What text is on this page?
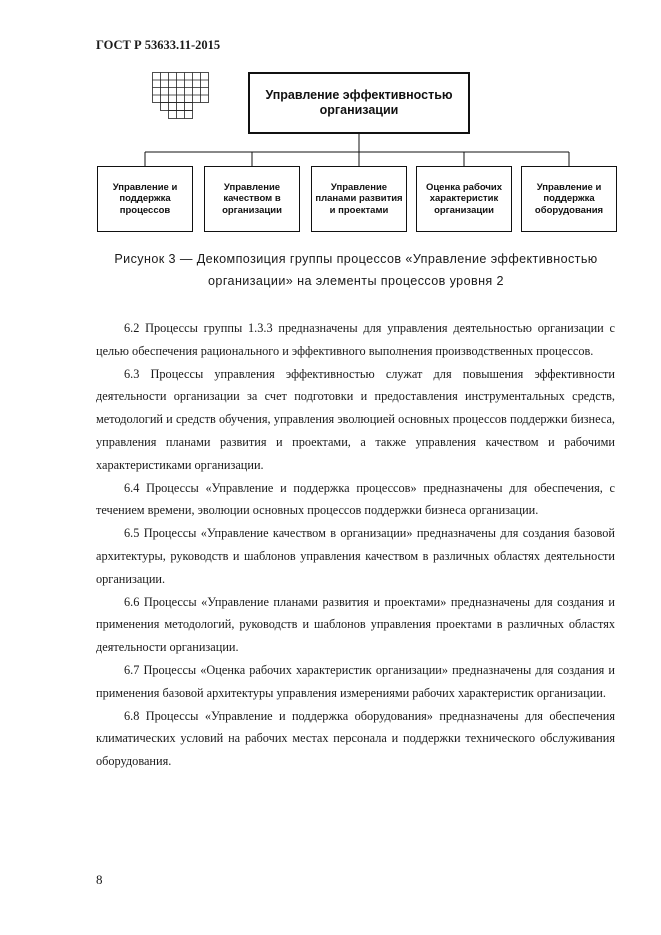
ГОСТ Р 53633.11-2015
Управление эффективностью организации
Управление и поддержка процессов
Управление качеством в организации
Управление планами развития и проектами
Оценка рабочих характеристик организации
Управление и поддержка оборудования
Рисунок 3 — Декомпозиция группы процессов «Управление эффективностью
организации» на элементы процессов уровня 2

6.2 Процессы группы 1.3.3 предназначены для управления деятельностью организации с целью обеспечения рационального и эффективного выполнения производственных процессов.

6.3 Процессы управления эффективностью служат для повышения эффективности деятельности организации за счет подготовки и предоставления инструментальных средств, методологий и средств обучения, управления эволюцией основных процессов поддержки бизнеса, управления планами развития и проектами, а также управления качеством и рабочими характеристиками организации.

6.4 Процессы «Управление и поддержка процессов» предназначены для обеспечения, с течением времени, эволюции основных процессов поддержки бизнеса организации.

6.5 Процессы «Управление качеством в организации» предназначены для создания базовой архитектуры, руководств и шаблонов управления качеством в различных областях деятельности организации.

6.6 Процессы «Управление планами развития и проектами» предназначены для создания и применения методологий, руководств и шаблонов управления проектами в различных областях деятельности организации.

6.7 Процессы «Оценка рабочих характеристик организации» предназначены для создания и применения базовой архитектуры управления измерениями рабочих характеристик организации.

6.8 Процессы «Управление и поддержка оборудования» предназначены для обеспечения климатических условий на рабочих местах персонала и поддержки технического обслуживания оборудования.

8
